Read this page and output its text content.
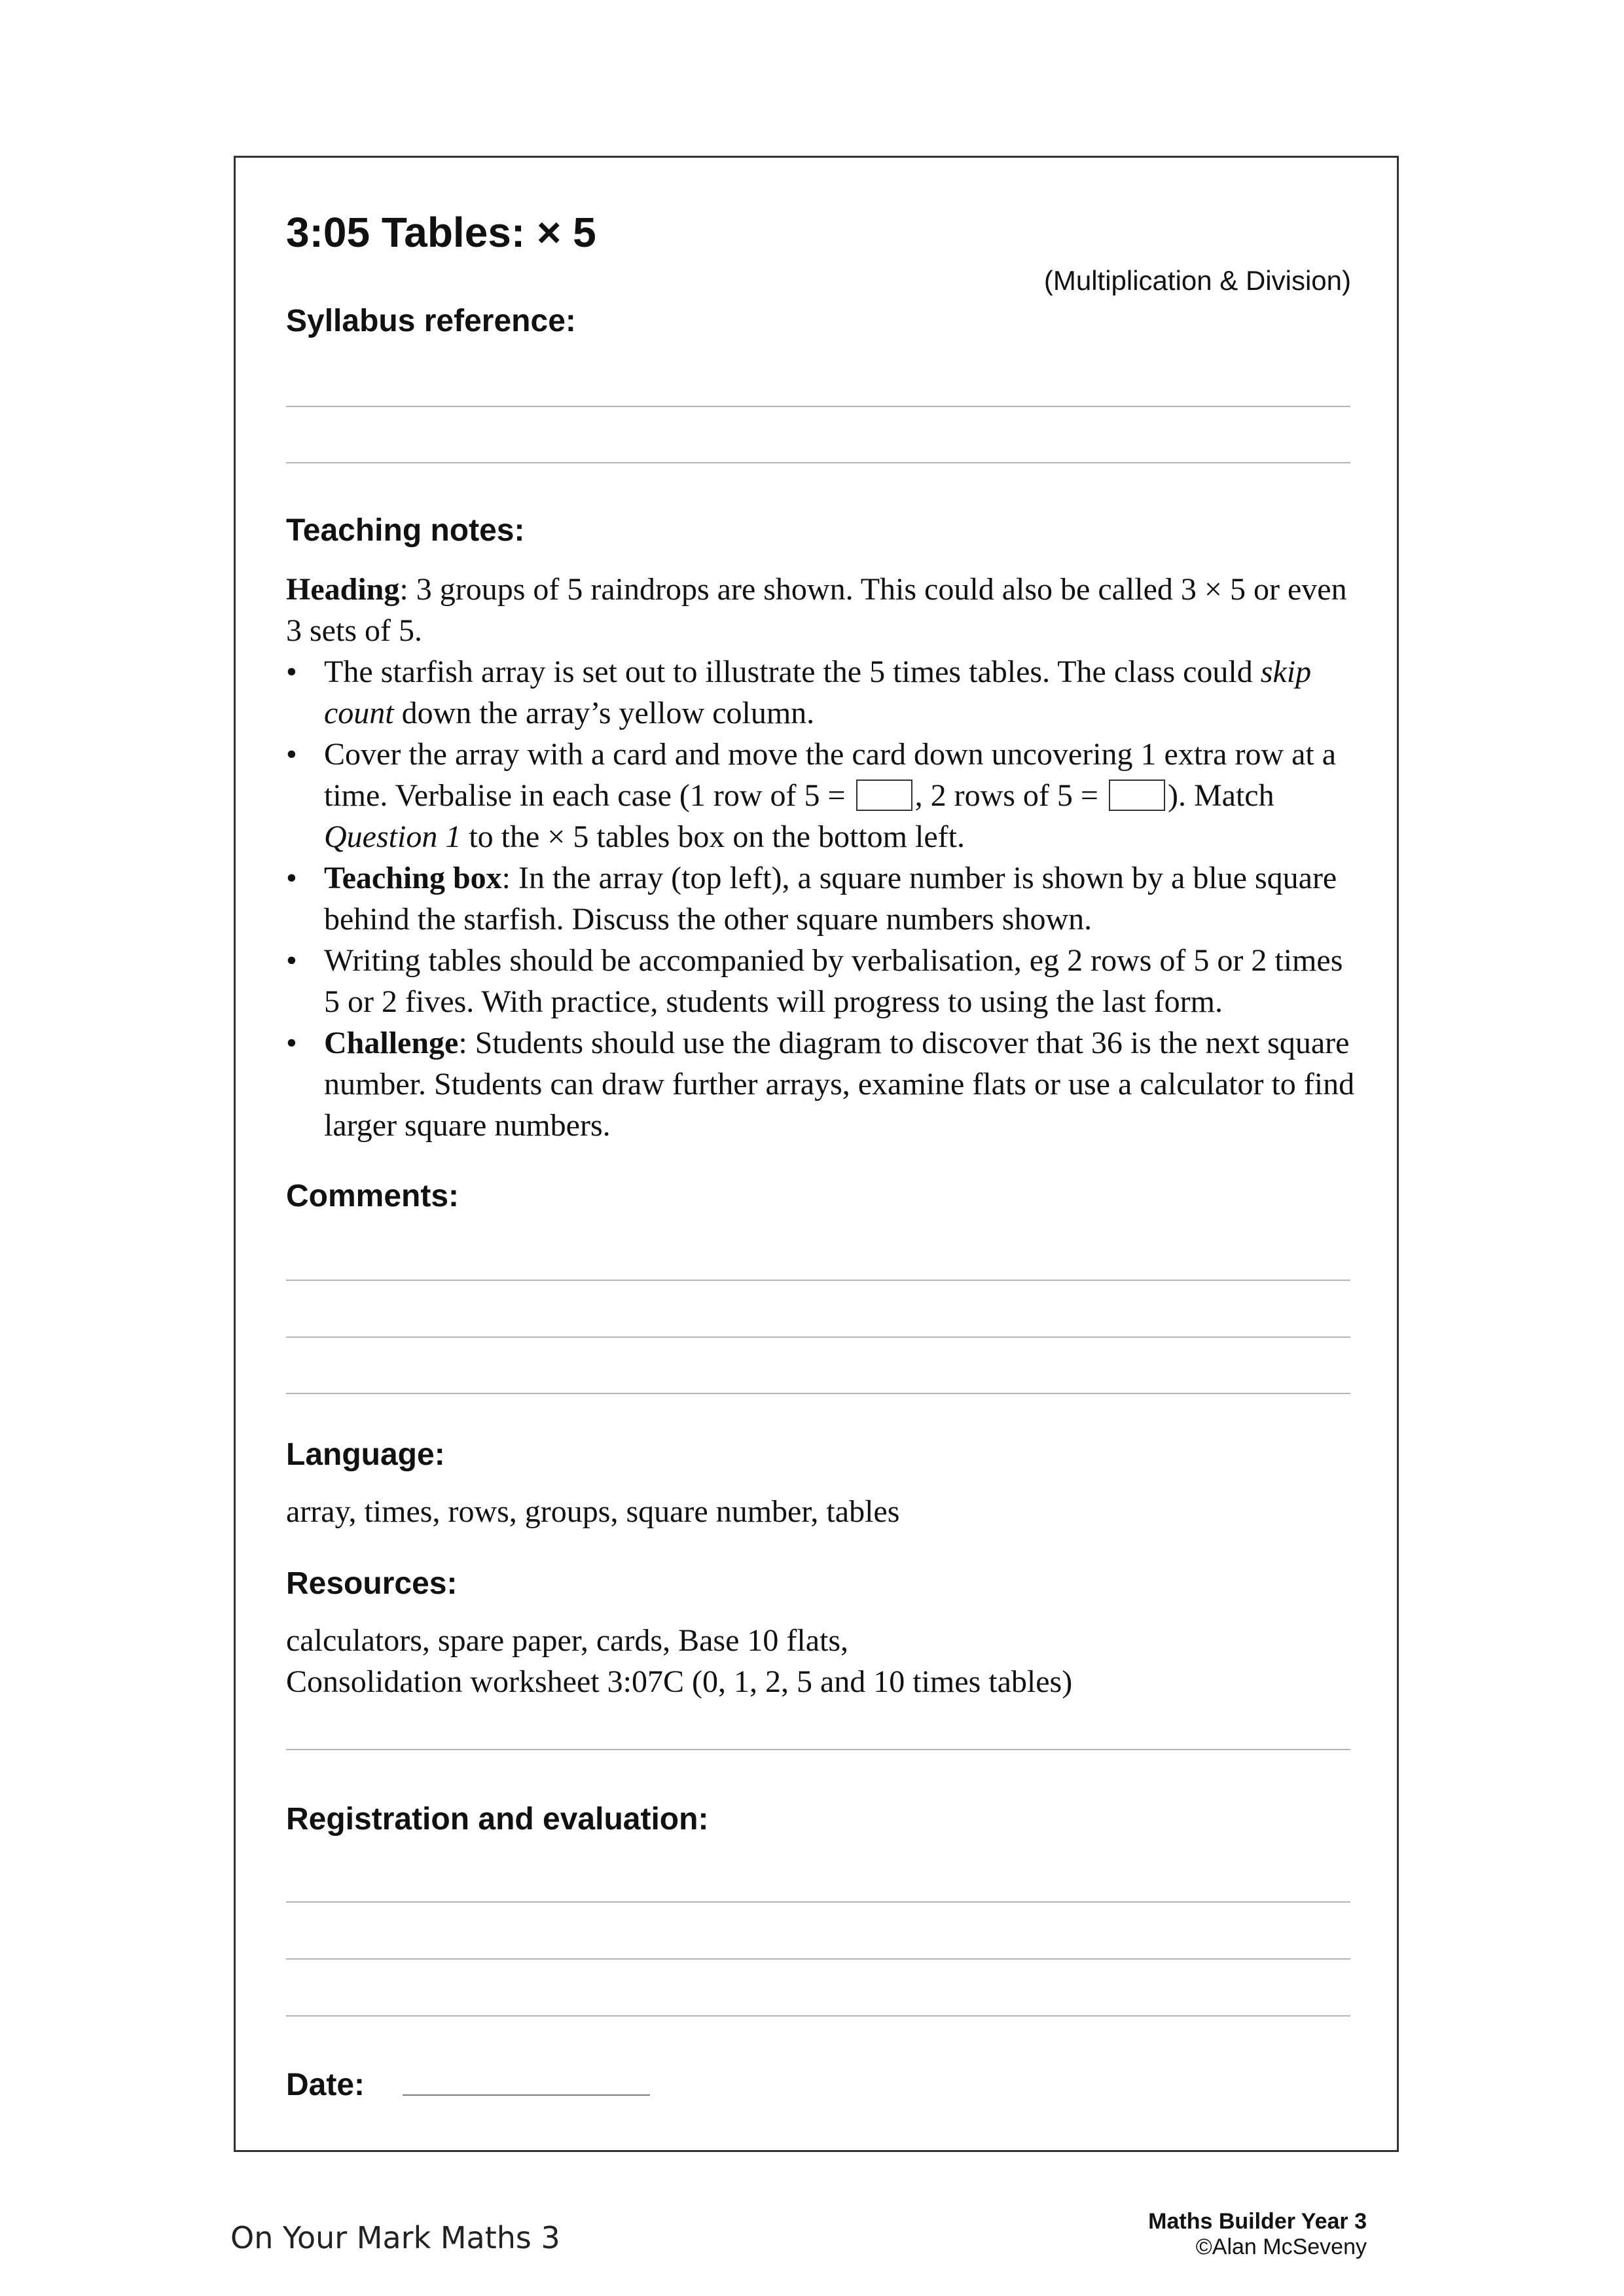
3:05 Tables: × 5
(Multiplication & Division)
Syllabus reference:
Teaching notes:

Heading: 3 groups of 5 raindrops are shown. This could also be called 3 × 5 or even 3 sets of 5.

• The starfish array is set out to illustrate the 5 times tables. The class could skip count down the array’s yellow column.
• Cover the array with a card and move the card down uncovering 1 extra row at a time. Verbalise in each case (1 row of 5 = , 2 rows of 5 = ). Match Question 1 to the × 5 tables box on the bottom left.
• Teaching box: In the array (top left), a square number is shown by a blue square behind the starfish. Discuss the other square numbers shown.
• Writing tables should be accompanied by verbalisation, eg 2 rows of 5 or 2 times 5 or 2 fives. With practice, students will progress to using the last form.
• Challenge: Students should use the diagram to discover that 36 is the next square number. Students can draw further arrays, examine flats or use a calculator to find larger square numbers.
Comments:
Language:
array, times, rows, groups, square number, tables
Resources:

calculators, spare paper, cards, Base 10 flats,

Consolidation worksheet 3:07C (0, 1, 2, 5 and 10 times tables)

Registration and evaluation:
Date:
On Your Mark Maths 3	Maths Builder Year 3
©Alan McSeveny
